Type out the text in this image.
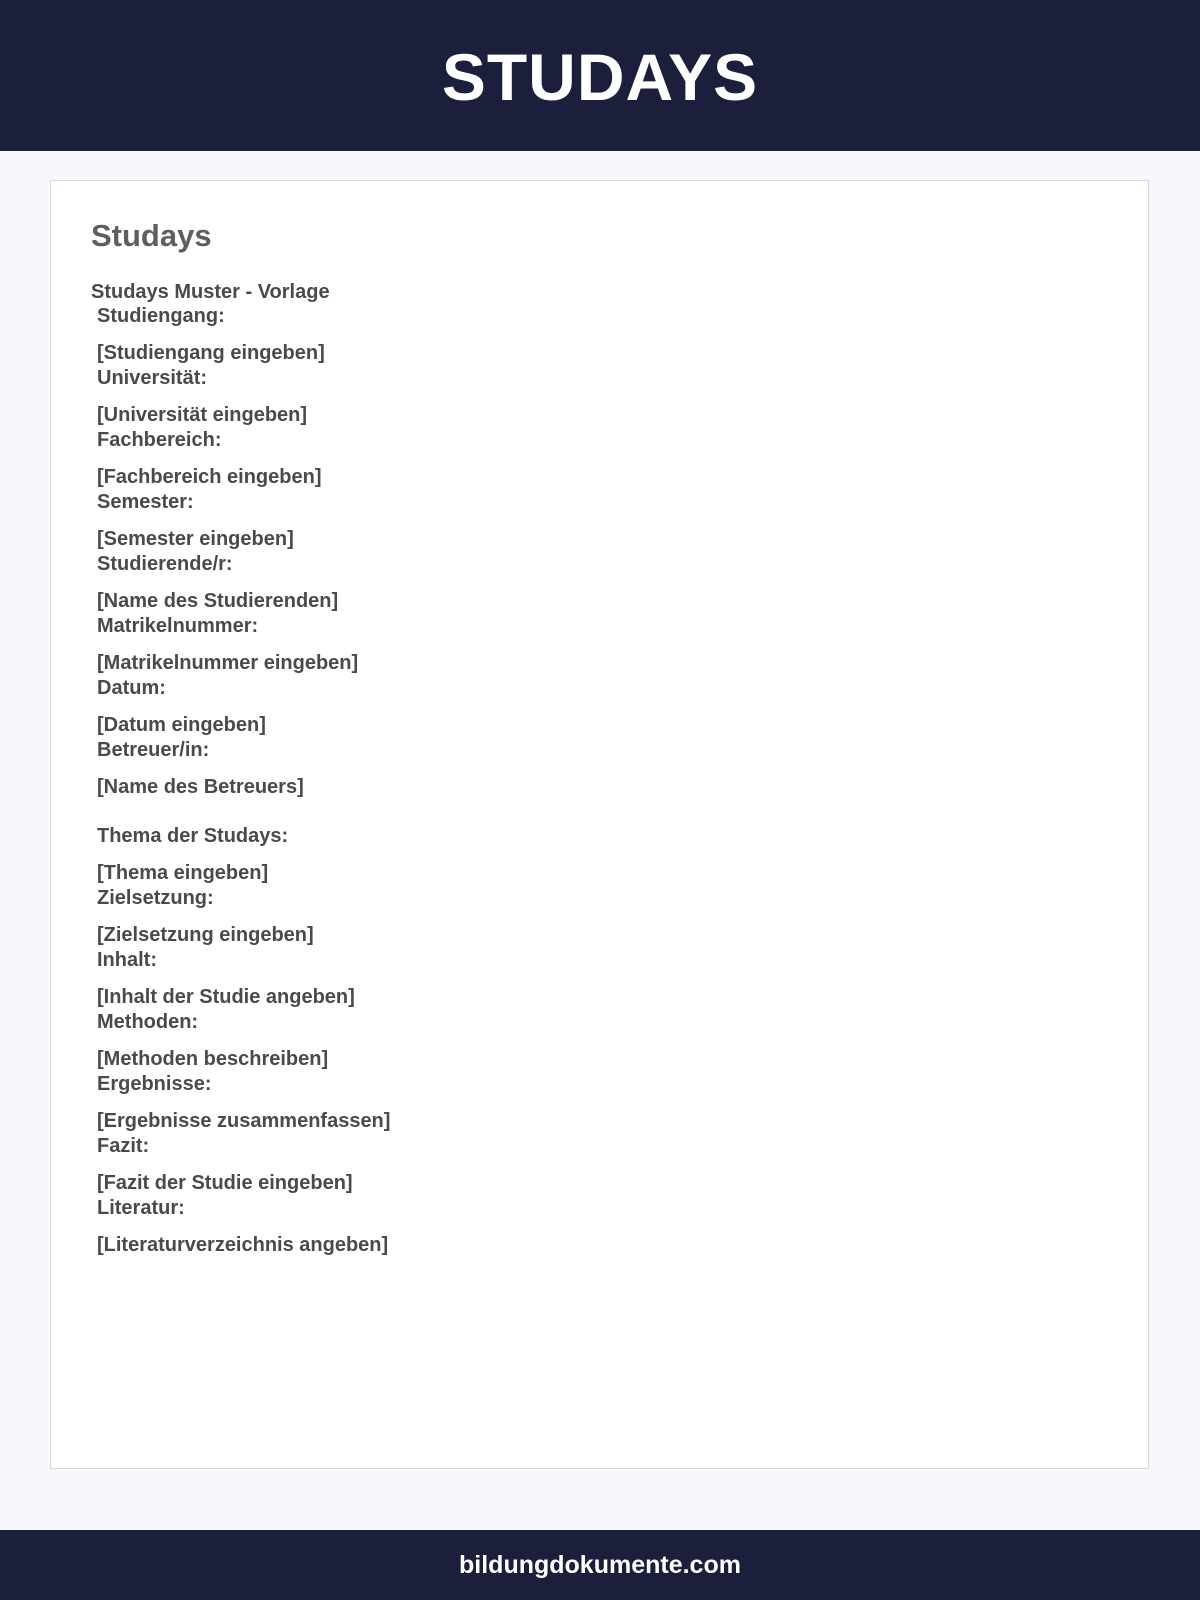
STUDAYS
Studays
Studays Muster - Vorlage
Studiengang:
[Studiengang eingeben]
Universität:
[Universität eingeben]
Fachbereich:
[Fachbereich eingeben]
Semester:
[Semester eingeben]
Studierende/r:
[Name des Studierenden]
Matrikelnummer:
[Matrikelnummer eingeben]
Datum:
[Datum eingeben]
Betreuer/in:
[Name des Betreuers]
Thema der Studays:
[Thema eingeben]
Zielsetzung:
[Zielsetzung eingeben]
Inhalt:
[Inhalt der Studie angeben]
Methoden:
[Methoden beschreiben]
Ergebnisse:
[Ergebnisse zusammenfassen]
Fazit:
[Fazit der Studie eingeben]
Literatur:
[Literaturverzeichnis angeben]
bildungdokumente.com
